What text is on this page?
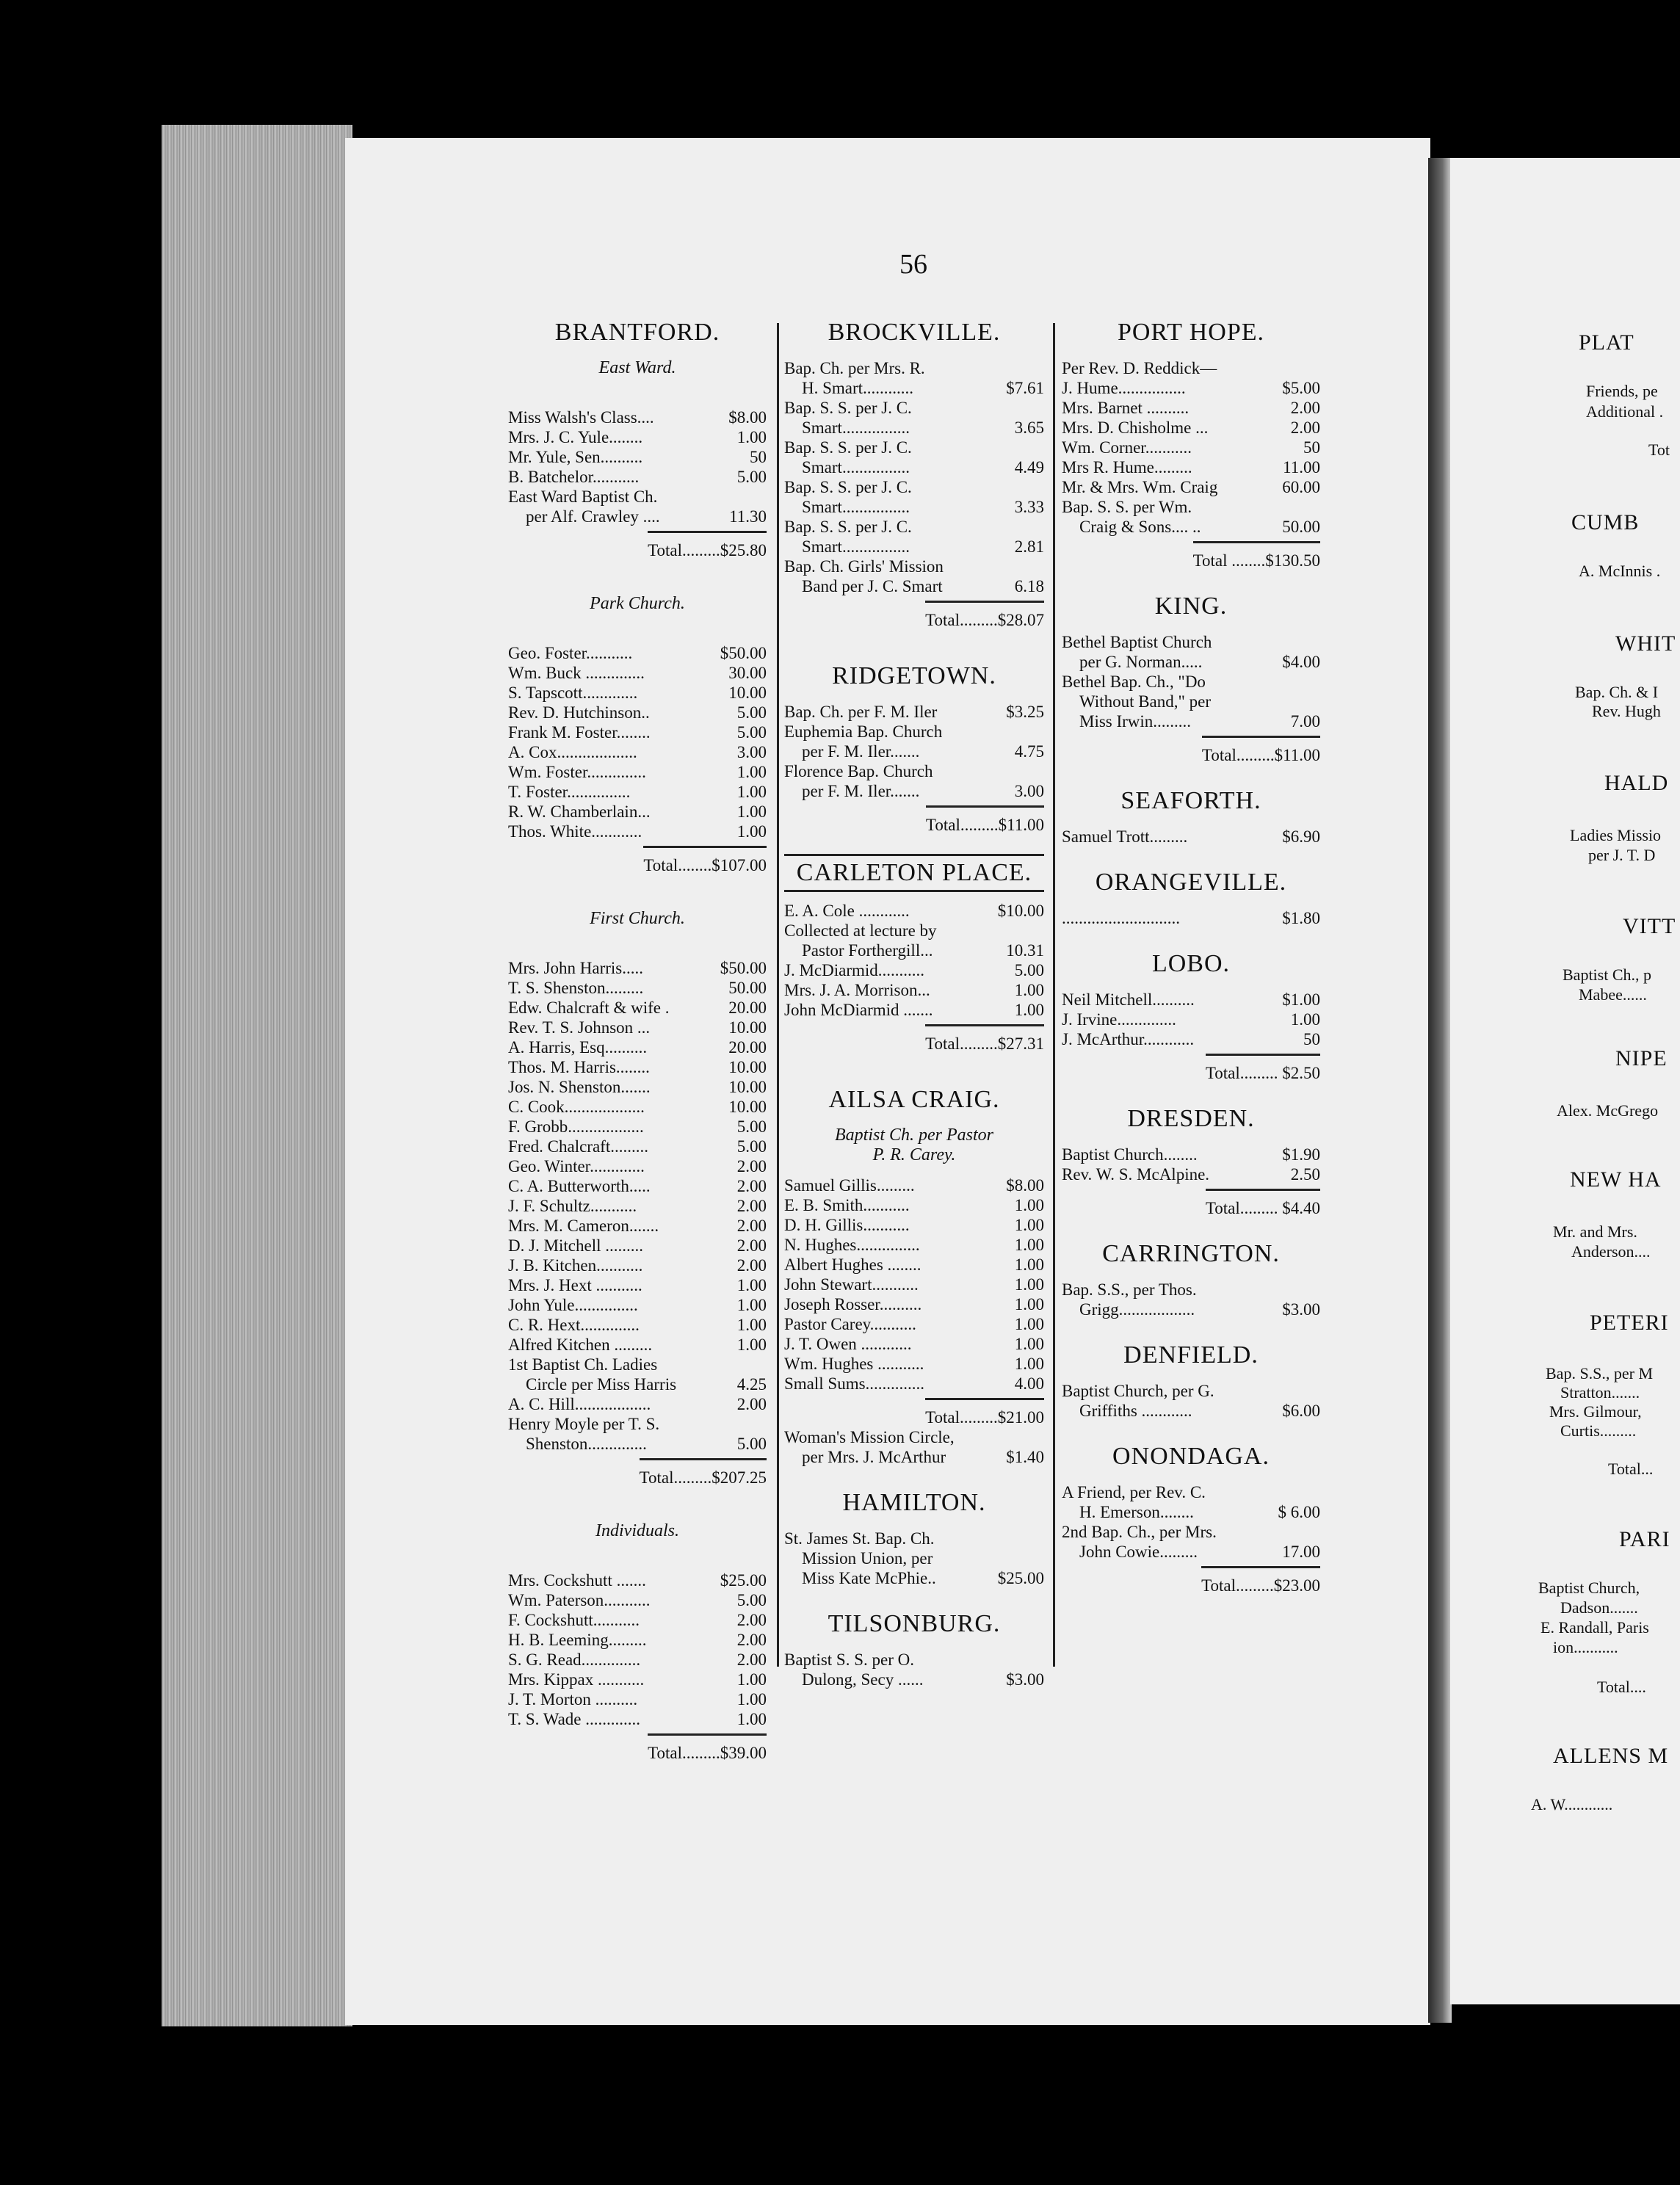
56
BRANTFORD.
East Ward.
Miss Walsh's Class....	$8.00
Mrs. J. C. Yule........	1.00
Mr. Yule, Sen..........	50
B. Batchelor...........	5.00
East Ward Baptist Ch.
per Alf. Crawley ....	11.30
Total.........$25.80
Park Church.
Geo. Foster...........	$50.00
Wm. Buck ..............	30.00
S. Tapscott.............	10.00
Rev. D. Hutchinson..	5.00
Frank M. Foster........	5.00
A. Cox...................	3.00
Wm. Foster..............	1.00
T. Foster...............	1.00
R. W. Chamberlain...	1.00
Thos. White............	1.00
Total........$107.00
First Church.
Mrs. John Harris.....	$50.00
T. S. Shenston.........	50.00
Edw. Chalcraft & wife .	20.00
Rev. T. S. Johnson ...	10.00
A. Harris, Esq..........	20.00
Thos. M. Harris........	10.00
Jos. N. Shenston.......	10.00
C. Cook...................	10.00
F. Grobb..................	5.00
Fred. Chalcraft.........	5.00
Geo. Winter.............	2.00
C. A. Butterworth.....	2.00
J. F. Schultz...........	2.00
Mrs. M. Cameron.......	2.00
D. J. Mitchell .........	2.00
J. B. Kitchen...........	2.00
Mrs. J. Hext ...........	1.00
John Yule...............	1.00
C. R. Hext..............	1.00
Alfred Kitchen .........	1.00
1st Baptist Ch. Ladies
Circle per Miss Harris	4.25
A. C. Hill..................	2.00
Henry Moyle per T. S.
Shenston..............	5.00
Total.........$207.25
Individuals.
Mrs. Cockshutt .......	$25.00
Wm. Paterson...........	5.00
F. Cockshutt...........	2.00
H. B. Leeming.........	2.00
S. G. Read..............	2.00
Mrs. Kippax ...........	1.00
J. T. Morton ..........	1.00
T. S. Wade .............	1.00
Total.........$39.00
BROCKVILLE.
Bap. Ch. per Mrs. R.
H. Smart............	$7.61
Bap. S. S. per J. C.
Smart................	3.65
Bap. S. S. per J. C.
Smart................	4.49
Bap. S. S. per J. C.
Smart................	3.33
Bap. S. S. per J. C.
Smart................	2.81
Bap. Ch. Girls' Mission
Band per J. C. Smart	6.18
Total.........$28.07
RIDGETOWN.
Bap. Ch. per F. M. Iler	$3.25
Euphemia Bap. Church
per F. M. Iler.......	4.75
Florence Bap. Church
per F. M. Iler.......	3.00
Total.........$11.00
CARLETON PLACE.
E. A. Cole ............	$10.00
Collected at lecture by
Pastor Forthergill...	10.31
J. McDiarmid...........	5.00
Mrs. J. A. Morrison...	1.00
John McDiarmid .......	1.00
Total.........$27.31
AILSA CRAIG.
Baptist Ch. per Pastor
P. R. Carey.
Samuel Gillis.........	$8.00
E. B. Smith...........	1.00
D. H. Gillis...........	1.00
N. Hughes...............	1.00
Albert Hughes ........	1.00
John Stewart...........	1.00
Joseph Rosser..........	1.00
Pastor Carey...........	1.00
J. T. Owen ............	1.00
Wm. Hughes ...........	1.00
Small Sums..............	4.00
Total.........$21.00
Woman's Mission Circle,
per Mrs. J. McArthur	$1.40
HAMILTON.
St. James St. Bap. Ch.
Mission Union, per
Miss Kate McPhie..	$25.00
TILSONBURG.
Baptist S. S. per O.
Dulong, Secy ......	$3.00
PORT HOPE.
Per Rev. D. Reddick—
J. Hume................	$5.00
Mrs. Barnet ..........	2.00
Mrs. D. Chisholme ...	2.00
Wm. Corner...........	50
Mrs R. Hume.........	11.00
Mr. & Mrs. Wm. Craig	60.00
Bap. S. S. per Wm.
Craig & Sons.... ..	50.00
Total ........$130.50
KING.
Bethel Baptist Church
per G. Norman.....	$4.00
Bethel Bap. Ch., "Do
Without Band," per
Miss Irwin.........	7.00
Total.........$11.00
SEAFORTH.
Samuel Trott.........	$6.90
ORANGEVILLE.
............................	$1.80
LOBO.
Neil Mitchell..........	$1.00
J. Irvine..............	1.00
J. McArthur............	50
Total......... $2.50
DRESDEN.
Baptist Church........	$1.90
Rev. W. S. McAlpine.	2.50
Total......... $4.40
CARRINGTON.
Bap. S.S., per Thos.
Grigg..................	$3.00
DENFIELD.
Baptist Church, per G.
Griffiths ............	$6.00
ONONDAGA.
A Friend, per Rev. C.
H. Emerson........	$ 6.00
2nd Bap. Ch., per Mrs.
John Cowie.........	17.00
Total.........$23.00
PLAT
Friends, pe
Additional .
Tot
CUMB
A. McInnis .
WHIT
Bap. Ch. & I
Rev. Hugh
HALD
Ladies Missio
per J. T. D
VITT
Baptist Ch., p
Mabee......
NIPE
Alex. McGrego
NEW HA
Mr. and Mrs.
Anderson....
PETERI
Bap. S.S., per M
Stratton.......
Mrs. Gilmour,
Curtis.........
Total...
PARI
Baptist Church,
Dadson.......
E. Randall, Paris
ion...........
Total....
ALLENS M
A. W............
